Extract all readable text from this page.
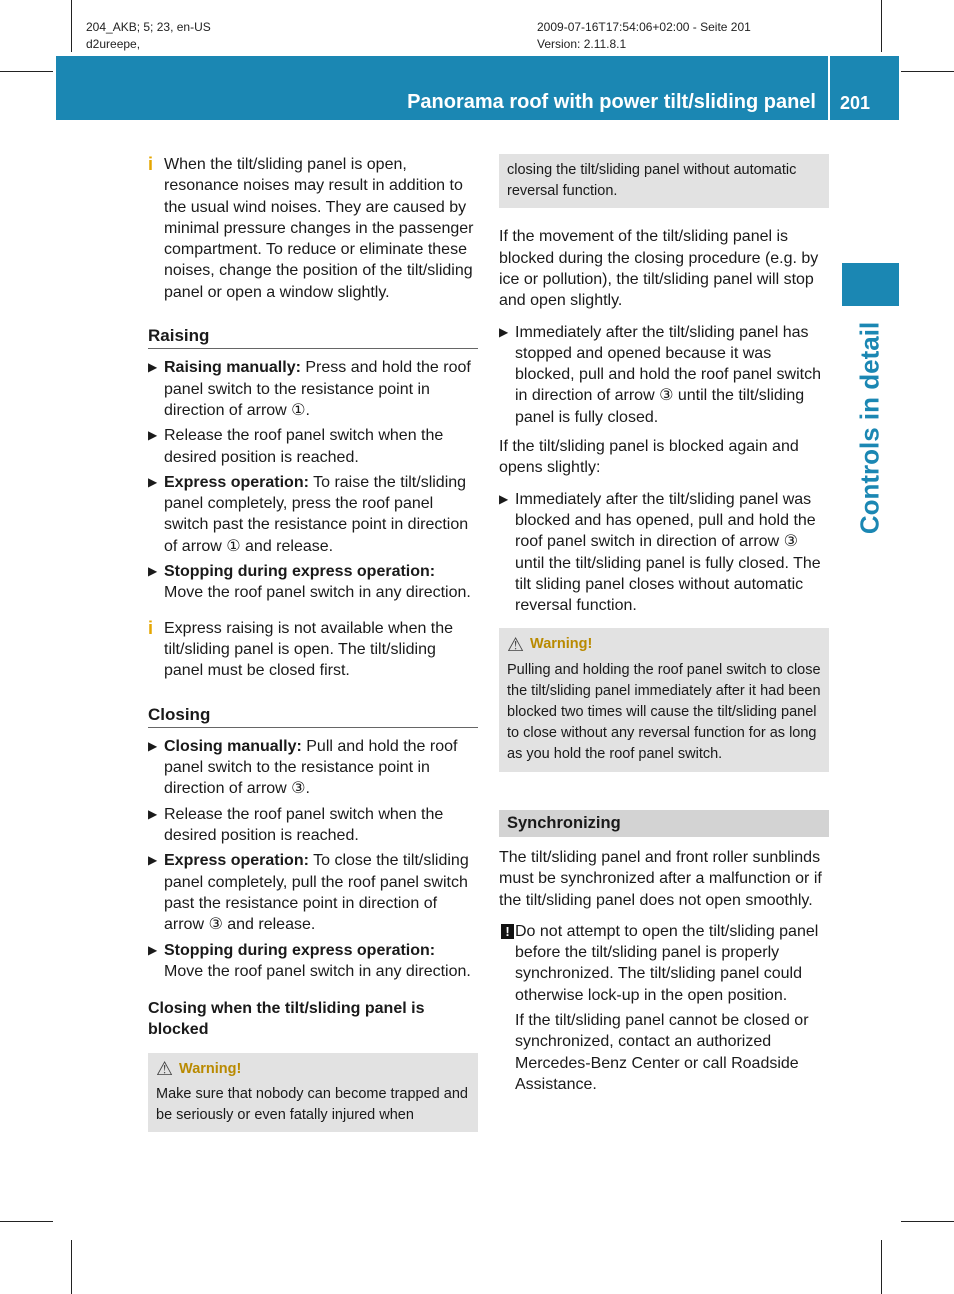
204_AKB; 5; 23, en-US
d2ureepe,
2009-07-16T17:54:06+02:00 - Seite 201
Version: 2.11.8.1
Panorama roof with power tilt/sliding panel 201
Controls in detail
i When the tilt/sliding panel is open, resonance noises may result in addition to the usual wind noises. They are caused by minimal pressure changes in the passenger compartment. To reduce or eliminate these noises, change the position of the tilt/sliding panel or open a window slightly.

Raising
▶ Raising manually: Press and hold the roof panel switch to the resistance point in direction of arrow ①.
▶ Release the roof panel switch when the desired position is reached.
▶ Express operation: To raise the tilt/sliding panel completely, press the roof panel switch past the resistance point in direction of arrow ① and release.
▶ Stopping during express operation: Move the roof panel switch in any direction.
i Express raising is not available when the tilt/sliding panel is open. The tilt/sliding panel must be closed first.

Closing
▶ Closing manually: Pull and hold the roof panel switch to the resistance point in direction of arrow ③.
▶ Release the roof panel switch when the desired position is reached.
▶ Express operation: To close the tilt/sliding panel completely, pull the roof panel switch past the resistance point in direction of arrow ③ and release.
▶ Stopping during express operation: Move the roof panel switch in any direction.

Closing when the tilt/sliding panel is blocked

⚠ Warning!

Make sure that nobody can become trapped and be seriously or even fatally injured when

closing the tilt/sliding panel without automatic reversal function.

If the movement of the tilt/sliding panel is blocked during the closing procedure (e.g. by ice or pollution), the tilt/sliding panel will stop and open slightly.

▶ Immediately after the tilt/sliding panel has stopped and opened because it was blocked, pull and hold the roof panel switch in direction of arrow ③ until the tilt/sliding panel is fully closed.

If the tilt/sliding panel is blocked again and opens slightly:

▶ Immediately after the tilt/sliding panel was blocked and has opened, pull and hold the roof panel switch in direction of arrow ③ until the tilt/sliding panel is fully closed. The tilt sliding panel closes without automatic reversal function.
⚠ Warning!

Pulling and holding the roof panel switch to close the tilt/sliding panel immediately after it had been blocked two times will cause the tilt/sliding panel to close without any reversal function for as long as you hold the roof panel switch.

Synchronizing

The tilt/sliding panel and front roller sunblinds must be synchronized after a malfunction or if the tilt/sliding panel does not open smoothly.

! Do not attempt to open the tilt/sliding panel before the tilt/sliding panel is properly synchronized. The tilt/sliding panel could otherwise lock-up in the open position.

If the tilt/sliding panel cannot be closed or synchronized, contact an authorized Mercedes-Benz Center or call Roadside Assistance.
